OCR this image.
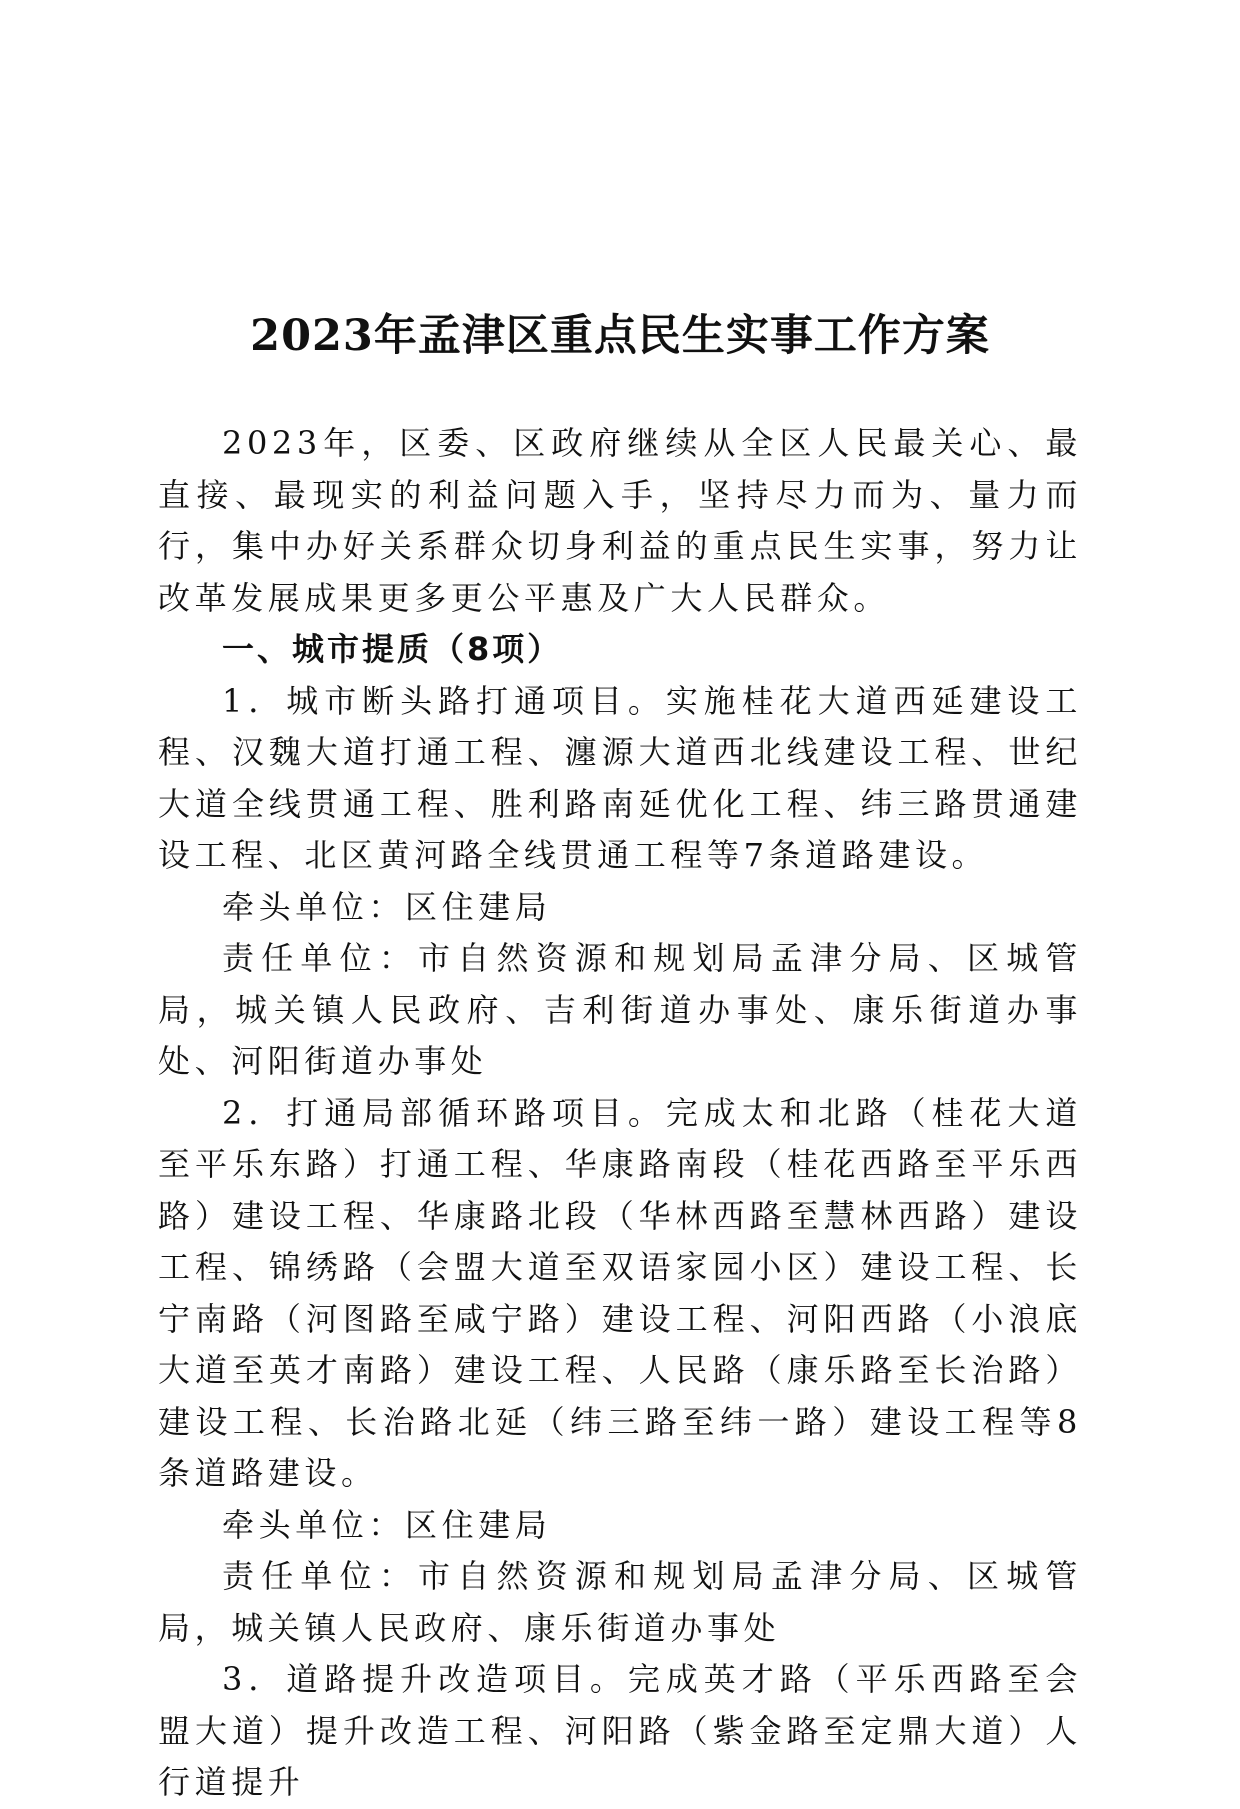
2023年孟津区重点民生实事工作方案

2023年，区委、区政府继续从全区人民最关心、最直接、最现实的利益问题入手，坚持尽力而为、量力而行，集中办好关系群众切身利益的重点民生实事，努力让改革发展成果更多更公平惠及广大人民群众。

一、城市提质（8项）

1．城市断头路打通项目。实施桂花大道西延建设工程、汉魏大道打通工程、瀍源大道西北线建设工程、世纪大道全线贯通工程、胜利路南延优化工程、纬三路贯通建设工程、北区黄河路全线贯通工程等7条道路建设。

牵头单位：区住建局

责任单位：市自然资源和规划局孟津分局、区城管局，城关镇人民政府、吉利街道办事处、康乐街道办事处、河阳街道办事处

2．打通局部循环路项目。完成太和北路（桂花大道至平乐东路）打通工程、华康路南段（桂花西路至平乐西路）建设工程、华康路北段（华林西路至慧林西路）建设工程、锦绣路（会盟大道至双语家园小区）建设工程、长宁南路（河图路至咸宁路）建设工程、河阳西路（小浪底大道至英才南路）建设工程、人民路（康乐路至长治路）建设工程、长治路北延（纬三路至纬一路）建设工程等8条道路建设。

牵头单位：区住建局

责任单位：市自然资源和规划局孟津分局、区城管局，城关镇人民政府、康乐街道办事处

3．道路提升改造项目。完成英才路（平乐西路至会盟大道）提升改造工程、河阳路（紫金路至定鼎大道）人行道提升
